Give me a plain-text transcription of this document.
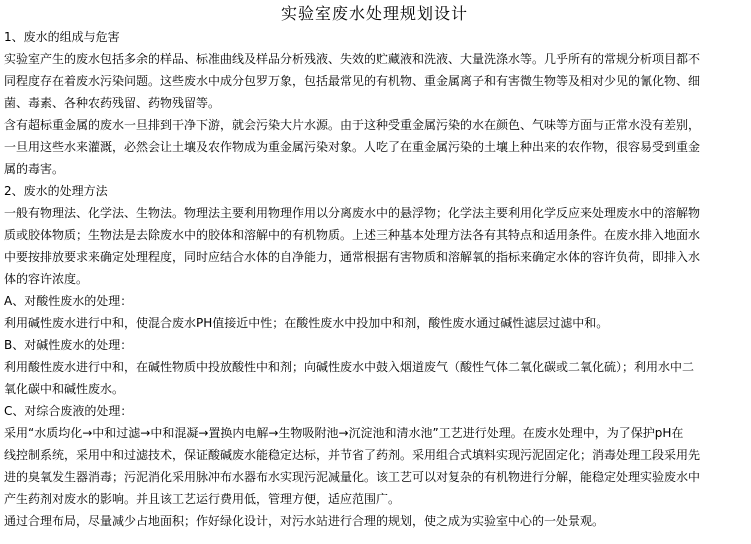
实验室废水处理规划设计

1、废水的组成与危害

实验室产生的废水包括多余的样品、标准曲线及样品分析残液、失效的贮藏液和洗液、大量洗涤水等。几乎所有的常规分析项目都不

同程度存在着废水污染问题。这些废水中成分包罗万象，包括最常见的有机物、重金属离子和有害微生物等及相对少见的氰化物、细

菌、毒素、各种农药残留、药物残留等。

含有超标重金属的废水一旦排到干净下游，就会污染大片水源。由于这种受重金属污染的水在颜色、气味等方面与正常水没有差别，

一旦用这些水来灌溉，必然会让土壤及农作物成为重金属污染对象。人吃了在重金属污染的土壤上种出来的农作物，很容易受到重金

属的毒害。

2、废水的处理方法

一般有物理法、化学法、生物法。物理法主要利用物理作用以分离废水中的悬浮物；化学法主要利用化学反应来处理废水中的溶解物

质或胶体物质；生物法是去除废水中的胶体和溶解中的有机物质。上述三种基本处理方法各有其特点和适用条件。在废水排入地面水

中要按排放要求来确定处理程度，同时应结合水体的自净能力，通常根据有害物质和溶解氧的指标来确定水体的容许负荷，即排入水

体的容许浓度。

A、对酸性废水的处理：

利用碱性废水进行中和，使混合废水PH值接近中性；在酸性废水中投加中和剂，酸性废水通过碱性滤层过滤中和。

B、对碱性废水的处理：

利用酸性废水进行中和，在碱性物质中投放酸性中和剂；向碱性废水中鼓入烟道废气（酸性气体二氧化碳或二氧化硫）；利用水中二

氧化碳中和碱性废水。

C、对综合废液的处理：

采用“水质均化→中和过滤→中和混凝→置换内电解→生物吸附池→沉淀池和清水池”工艺进行处理。在废水处理中，为了保护pH在

线控制系统，采用中和过滤技术，保证酸碱废水能稳定达标，并节省了药剂。采用组合式填料实现污泥固定化；消毒处理工段采用先

进的臭氧发生器消毒；污泥消化采用脉冲布水器布水实现污泥减量化。该工艺可以对复杂的有机物进行分解，能稳定处理实验废水中

产生药剂对废水的影响。并且该工艺运行费用低，管理方便，适应范围广。

通过合理布局，尽量减少占地面积；作好绿化设计，对污水站进行合理的规划，使之成为实验室中心的一处景观。
